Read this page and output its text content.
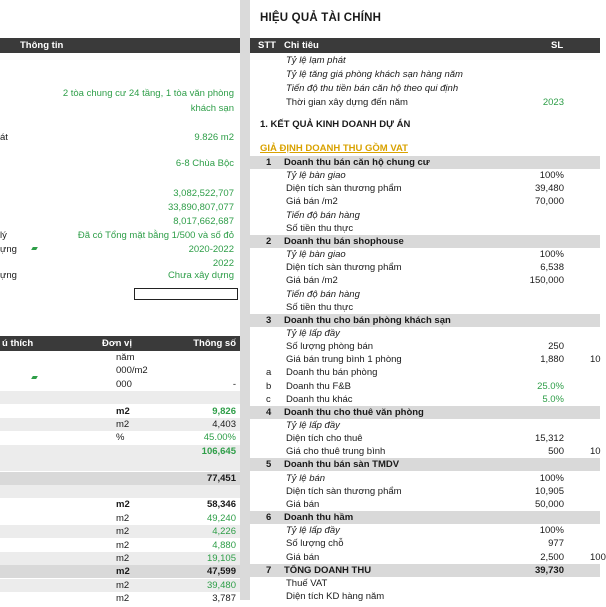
Thông tin
2 tòa chung cư 24 tầng, 1 tòa văn phòng
khách sạn
át	9.826 m2
6-8 Chùa Bộc
3,082,522,707
33,890,807,077
8,017,662,687
lý	Đã có Tổng mặt bằng 1/500 và số đỏ
ựng	2020-2022
2022
ựng	Chưa xây dựng
ú thích	Đơn vị	Thông số
năm
000/m2
000	-
m2	9,826
m2	4,403
%	45.00%
106,645
77,451
m2	58,346
m2	49,240
m2	4,226
m2	4,880
m2	19,105
m2	47,599
m2	39,480
m2	3,787
HIỆU QUẢ TÀI CHÍNH
STT Chỉ tiêu	SL
Tỷ lệ lạm phát
Tỷ lệ tăng giá phòng khách sạn hàng năm
Tiến độ thu tiền bán căn hộ theo qui định
Thời gian xây dựng đến năm	2023
1. KẾT QUẢ KINH DOANH DỰ ÁN
GIẢ ĐỊNH DOANH THU GỒM VAT
1 Doanh thu bán căn hộ chung cư
Tỷ lệ bàn giao	100%
Diện tích sàn thương phẩm	39,480
Giá bán /m2	70,000
Tiến độ bán hàng
Số tiền thu thực
2 Doanh thu bán shophouse
Tỷ lệ bàn giao	100%
Diện tích sàn thương phẩm	6,538
Giá bán /m2	150,000
Tiến độ bán hàng
Số tiền thu thực
3 Doanh thu cho bán phòng khách sạn
Tỷ lệ lấp đầy
Số lượng phòng bán	250
Giá bán trung bình 1 phòng	1,880	10
a Doanh thu bán phòng
b Doanh thu F&B	25.0%
c Doanh thu khác	5.0%
4 Doanh thu cho thuê văn phòng
Tỷ lệ lấp đầy
Diện tích cho thuê	15,312
Giá cho thuê trung bình	500	10
5 Doanh thu bán sàn TMDV
Tỷ lệ bán	100%
Diện tích sàn thương phẩm	10,905
Giá bán	50,000
6 Doanh thu hầm
Tỷ lệ lấp đầy	100%
Số lượng chỗ	977
Giá bán	2,500	100
7 TỔNG DOANH THU	39,730
Thuế VAT
Diện tích KD hàng năm
